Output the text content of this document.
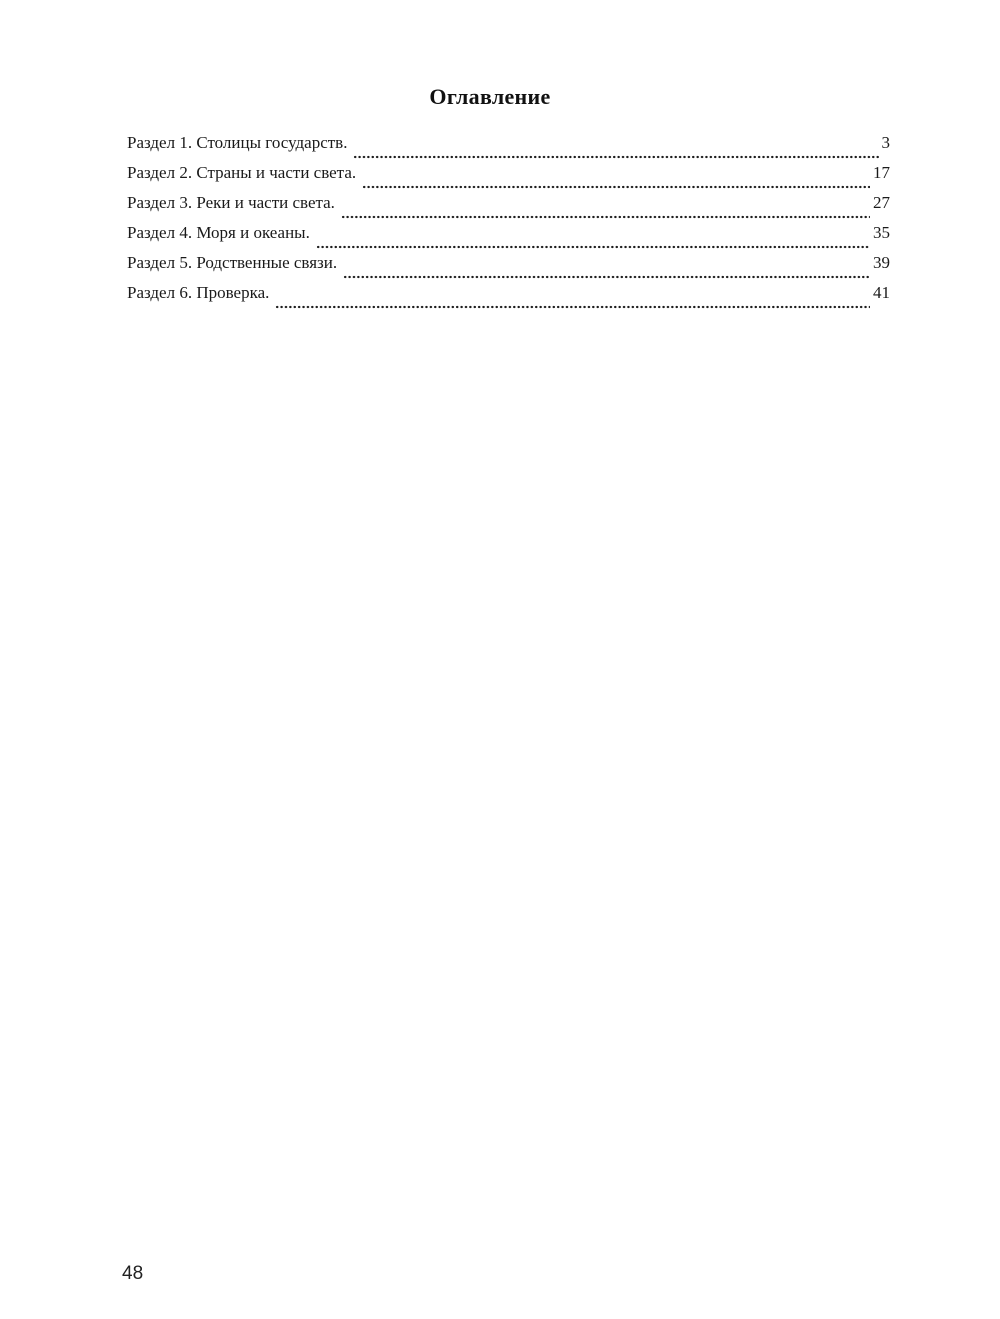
Оглавление
Раздел 1. Столицы государств.	3
Раздел 2. Страны и части света.	17
Раздел 3. Реки и части света.	27
Раздел 4. Моря и океаны.	35
Раздел 5. Родственные связи.	39
Раздел 6. Проверка.	41
48
